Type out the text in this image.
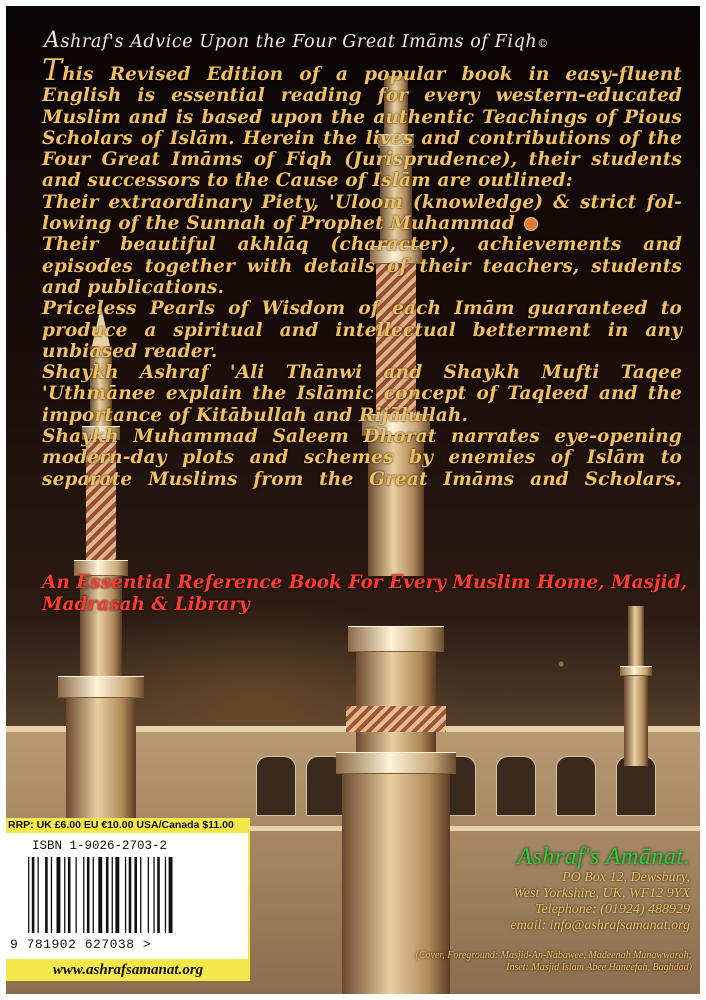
Ashraf's Advice Upon the Four Great Imāms of Fiqh©
This Revised Edition of a popular book in easy-fluent
English is essential reading for every western-educated
Muslim and is based upon the authentic Teachings of Pious
Scholars of Islām. Herein the lives and contributions of the
Four Great Imāms of Fiqh (Jurisprudence), their students
and successors to the Cause of Islām are outlined:
Their extraordinary Piety, 'Uloom (knowledge) & strict fol-
lowing of the Sunnah of Prophet Muhammad
Their beautiful akhlāq (character), achievements and
episodes together with details of their teachers, students
and publications.
Priceless Pearls of Wisdom of each Imām guaranteed to
produce a spiritual and intellectual betterment in any
unbiased reader.
Shaykh Ashraf 'Ali Thānwi and Shaykh Mufti Taqee
'Uthmānee explain the Islāmic concept of Taqleed and the
importance of Kitābullah and Rijālullah.
Shaykh Muhammad Saleem Dhorat narrates eye-opening
modern-day plots and schemes by enemies of Islām to
separate Muslims from the Great Imāms and Scholars.
An Essential Reference Book For Every Muslim Home, Masjid,
Madrasah & Library
RRP: UK £6.00 EU €10.00 USA/Canada $11.00
ISBN 1-9026-2703-2
9 781902 627038 >
www.ashrafsamanat.org
Ashraf's Amānat.
PO Box 12, Dewsbury,
West Yorkshire, UK, WF12 9YX
Telephone: (01924) 488929
email: info@ashrafsamanat.org
(Cover, Foreground: Masjid-An-Nabawee, Madeenah Munawwarah;
Inset: Masjid Islam Abee Haneefah, Baghdad)
